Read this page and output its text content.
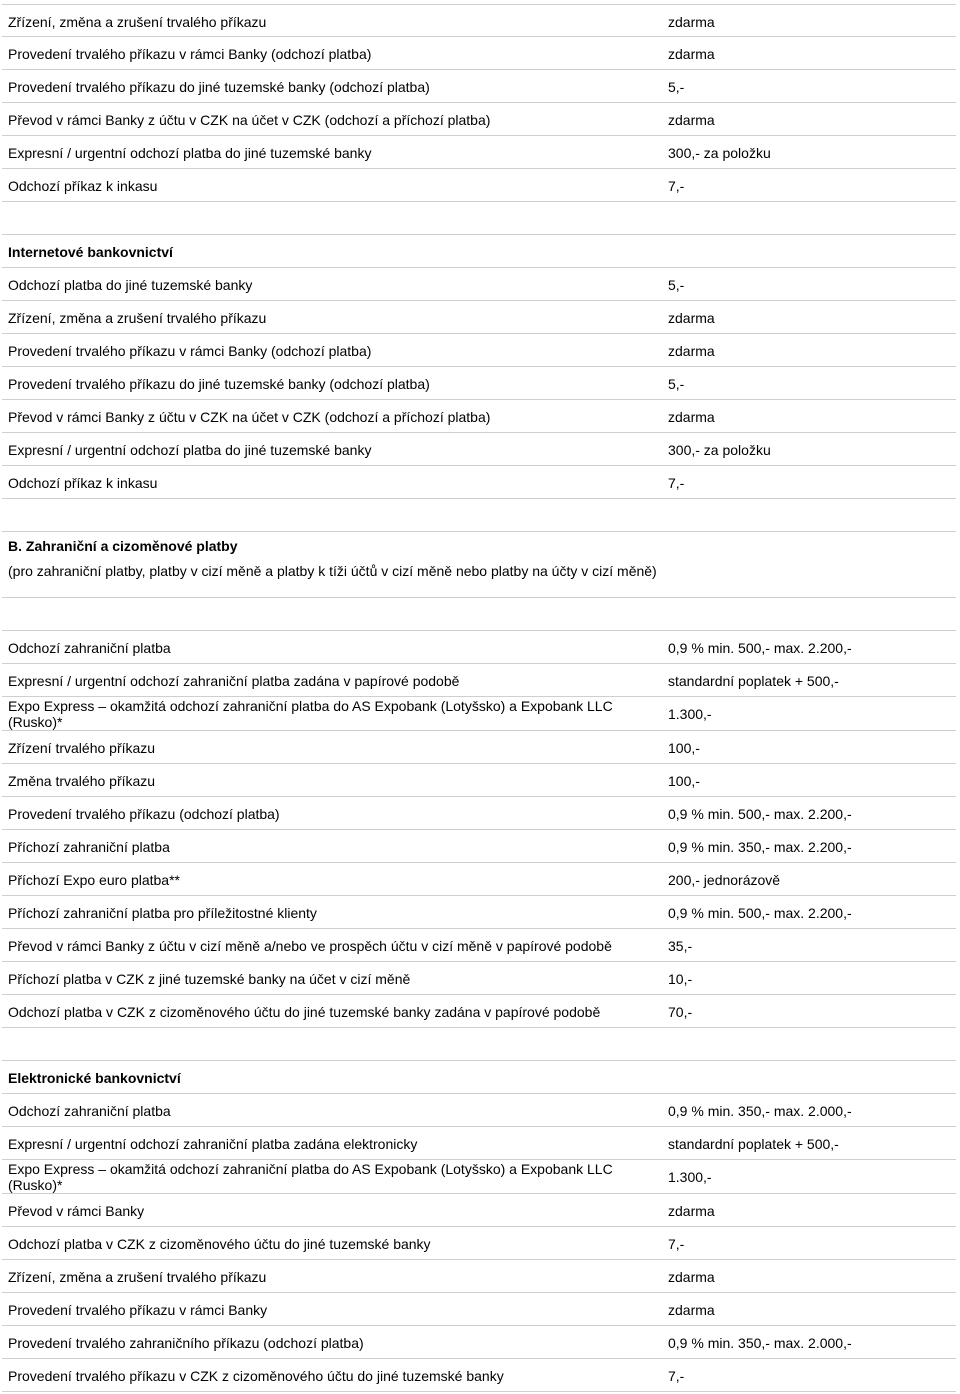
Zřízení, změna a zrušení trvalého příkazu	zdarma
Provedení trvalého příkazu v rámci Banky (odchozí platba)	zdarma
Provedení trvalého příkazu do jiné tuzemské banky (odchozí platba)	5,-
Převod v rámci Banky z účtu v CZK na účet v CZK (odchozí a příchozí platba)	zdarma
Expresní / urgentní odchozí platba do jiné tuzemské banky	300,- za položku
Odchozí příkaz k inkasu	7,-
Internetové bankovnictví
Odchozí platba do jiné tuzemské banky	5,-
Zřízení, změna a zrušení trvalého příkazu	zdarma
Provedení trvalého příkazu v rámci Banky (odchozí platba)	zdarma
Provedení trvalého příkazu do jiné tuzemské banky (odchozí platba)	5,-
Převod v rámci Banky z účtu v CZK na účet v CZK (odchozí a příchozí platba)	zdarma
Expresní / urgentní odchozí platba do jiné tuzemské banky	300,- za položku
Odchozí příkaz k inkasu	7,-
B. Zahraniční a cizoměnové platby
(pro zahraniční platby, platby v cizí měně a platby k tíži účtů v cizí měně nebo platby na účty v cizí měně)
Odchozí zahraniční platba	0,9 % min. 500,- max. 2.200,-
Expresní / urgentní odchozí zahraniční platba zadána v papírové podobě	standardní poplatek + 500,-
Expo Express – okamžitá odchozí zahraniční platba do AS Expobank (Lotyšsko) a Expobank LLC (Rusko)*	1.300,-
Zřízení trvalého příkazu	100,-
Změna trvalého příkazu	100,-
Provedení trvalého příkazu (odchozí platba)	0,9 % min. 500,- max. 2.200,-
Příchozí zahraniční platba	0,9 % min. 350,- max. 2.200,-
Příchozí Expo euro platba**	200,- jednorázově
Příchozí zahraniční platba pro příležitostné klienty	0,9 % min. 500,- max. 2.200,-
Převod v rámci Banky z účtu v cizí měně a/nebo ve prospěch účtu v cizí měně v papírové podobě	35,-
Příchozí platba v CZK z jiné tuzemské banky na účet v cizí měně	10,-
Odchozí platba v CZK z cizoměnového účtu do jiné tuzemské banky zadána v papírové podobě	70,-
Elektronické bankovnictví
Odchozí zahraniční platba	0,9 % min. 350,- max. 2.000,-
Expresní / urgentní odchozí zahraniční platba zadána elektronicky	standardní poplatek + 500,-
Expo Express – okamžitá odchozí zahraniční platba do AS Expobank (Lotyšsko) a Expobank LLC (Rusko)*	1.300,-
Převod v rámci Banky	zdarma
Odchozí platba v CZK z cizoměnového účtu do jiné tuzemské banky	7,-
Zřízení, změna a zrušení trvalého příkazu	zdarma
Provedení trvalého příkazu v rámci Banky	zdarma
Provedení trvalého zahraničního příkazu (odchozí platba)	0,9 % min. 350,- max. 2.000,-
Provedení trvalého příkazu v CZK z cizoměnového účtu do jiné tuzemské banky	7,-
